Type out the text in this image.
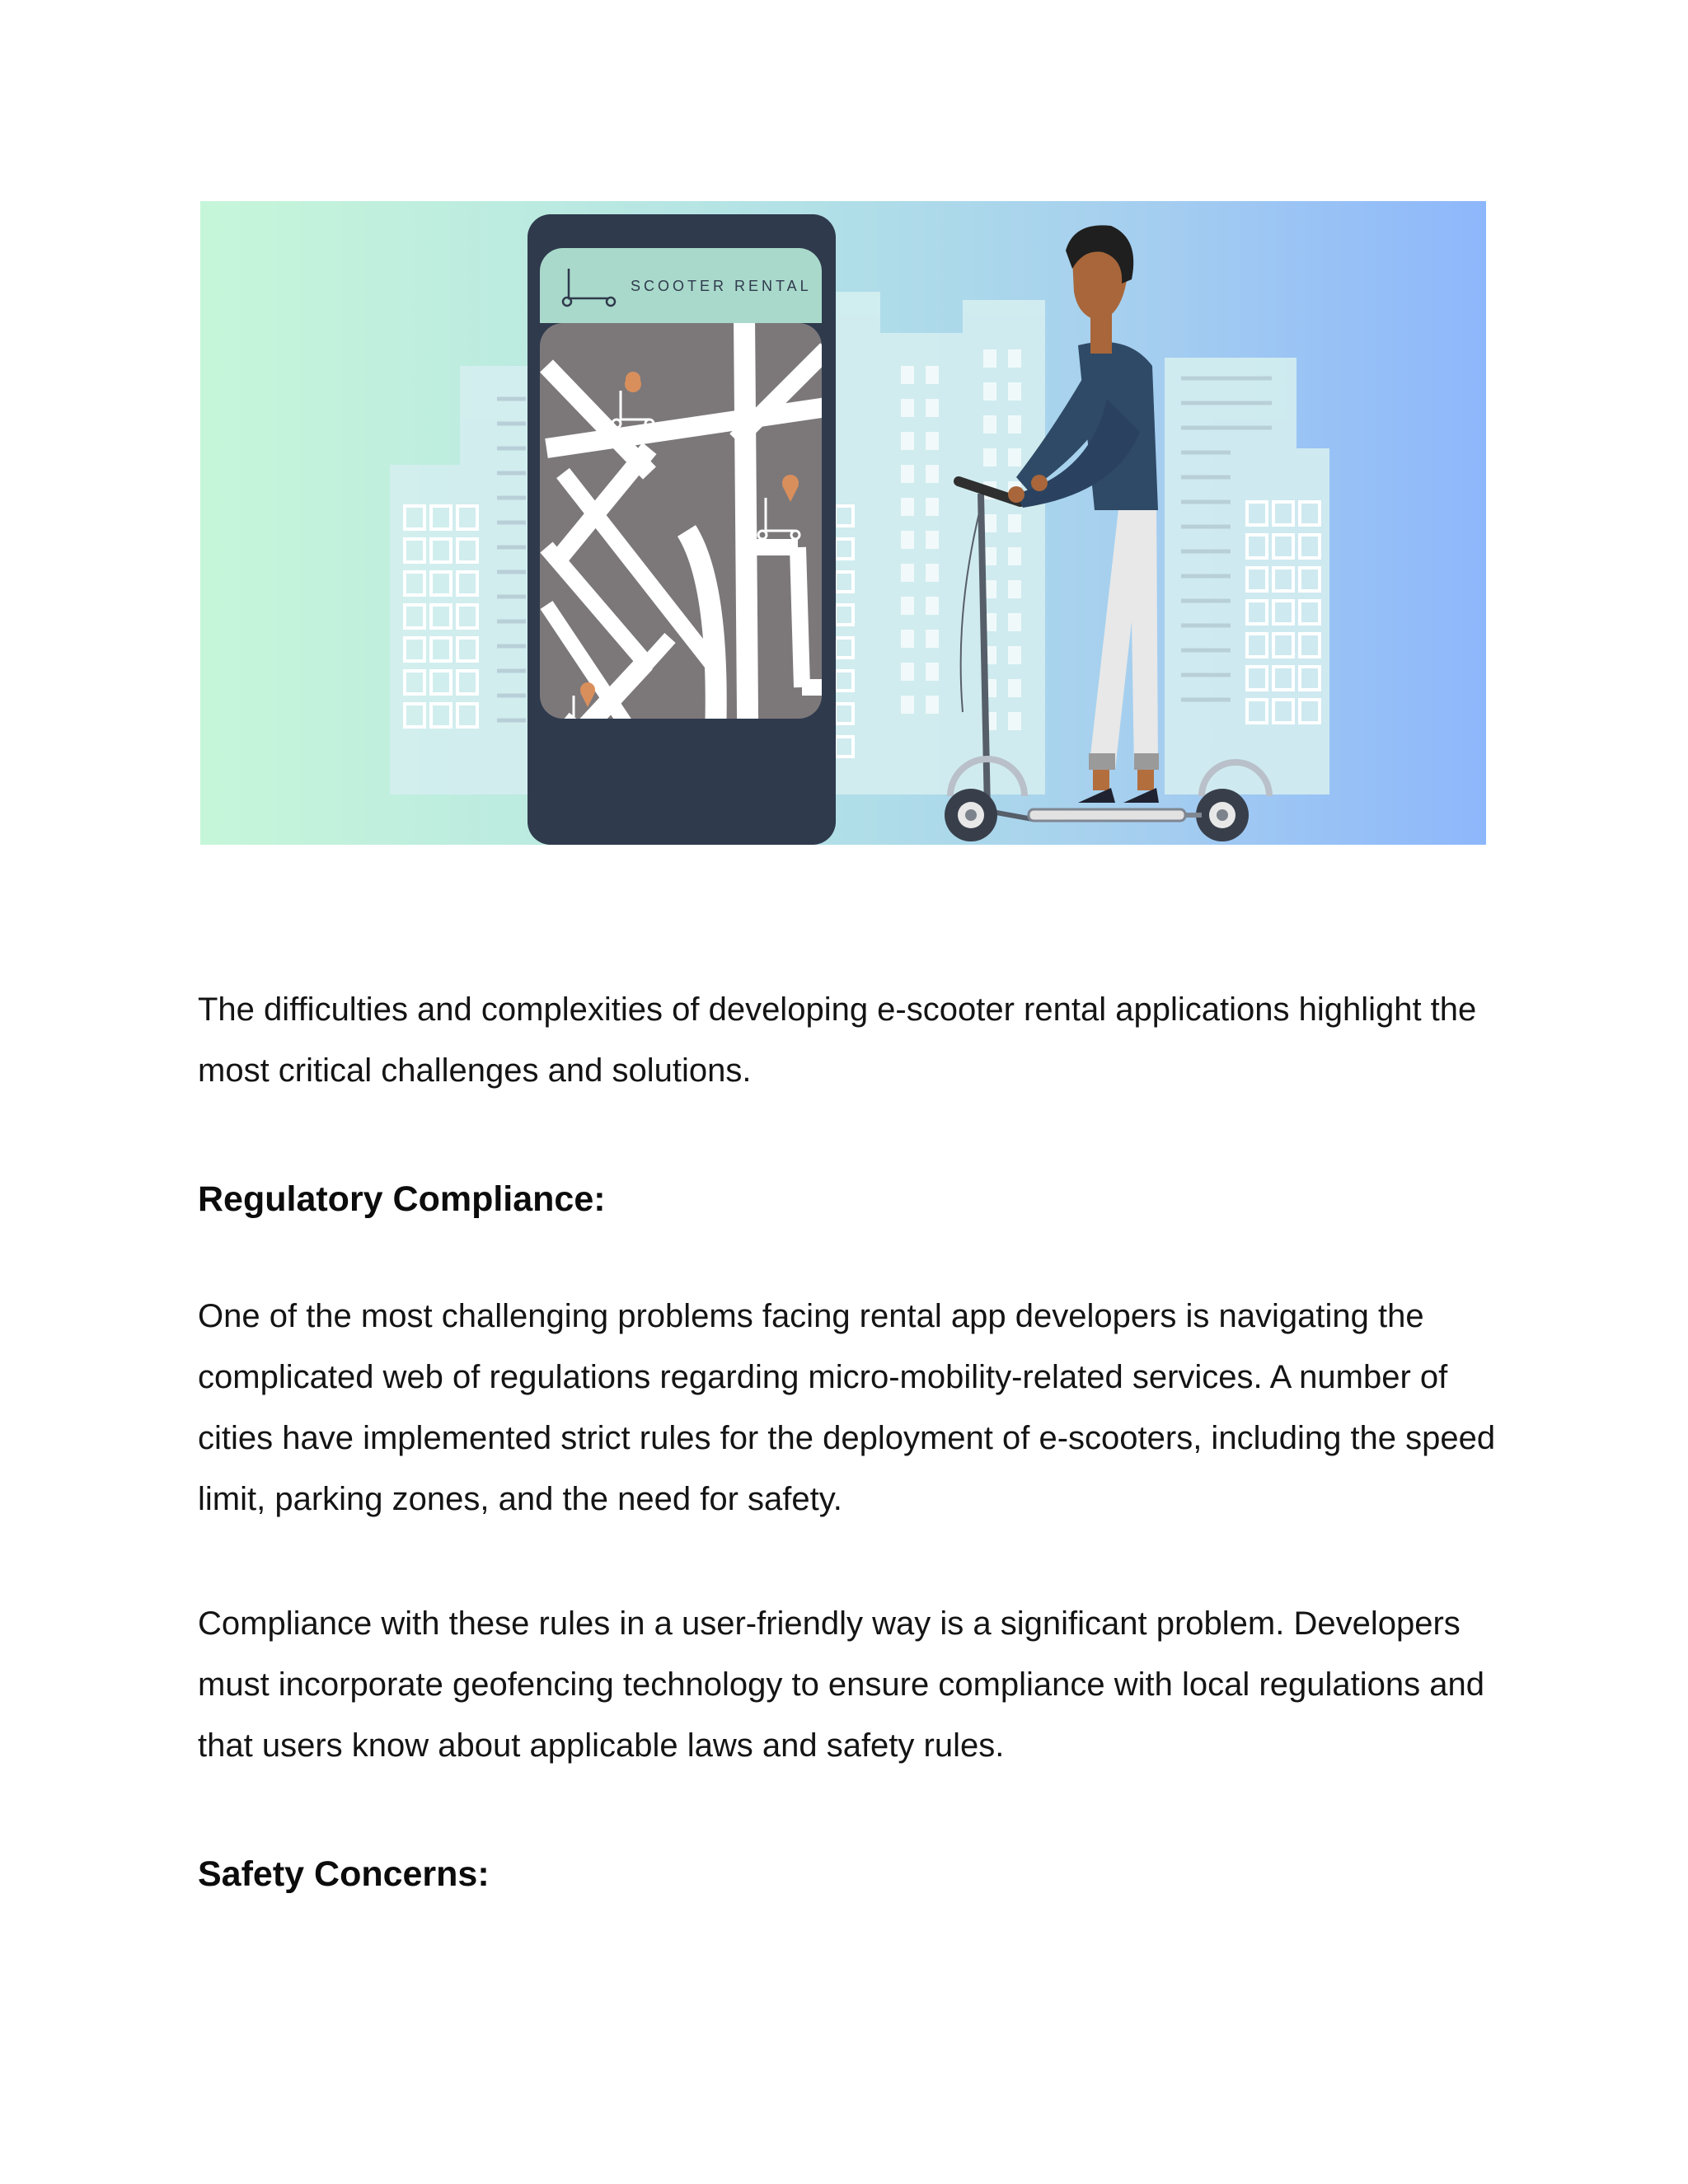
SCOOTER RENTAL

The difficulties and complexities of developing e-scooter rental applications highlight the most critical challenges and solutions.

Regulatory Compliance:

One of the most challenging problems facing rental app developers is navigating the complicated web of regulations regarding micro-mobility-related services. A number of cities have implemented strict rules for the deployment of e-scooters, including the speed limit, parking zones, and the need for safety.

Compliance with these rules in a user-friendly way is a significant problem. Developers must incorporate geofencing technology to ensure compliance with local regulations and that users know about applicable laws and safety rules.

Safety Concerns:
